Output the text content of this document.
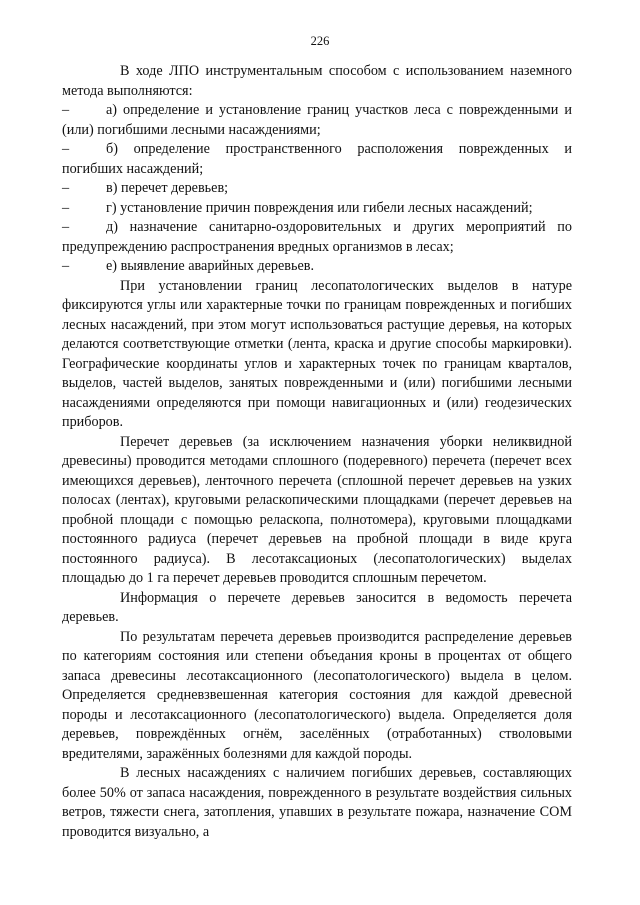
226

В ходе ЛПО инструментальным способом с использованием наземного метода выполняются:

–	а) определение и установление границ участков леса с поврежденными и (или) погибшими лесными насаждениями;
–	б) определение пространственного расположения поврежденных и погибших насаждений;
–	в) перечет деревьев;
–	г) установление причин повреждения или гибели лесных насаждений;
–	д) назначение санитарно-оздоровительных и других мероприятий по предупреждению распространения вредных организмов в лесах;
–	е) выявление аварийных деревьев.

При установлении границ лесопатологических выделов в натуре фиксируются углы или характерные точки по границам поврежденных и погибших лесных насаждений, при этом могут использоваться растущие деревья, на которых делаются соответствующие отметки (лента, краска и другие способы маркировки). Географические координаты углов и характерных точек по границам кварталов, выделов, частей выделов, занятых поврежденными и (или) погибшими лесными насаждениями определяются при помощи навигационных и (или) геодезических приборов.

Перечет деревьев (за исключением назначения уборки неликвидной древесины) проводится методами сплошного (подеревного) перечета (перечет всех имеющихся деревьев), ленточного перечета (сплошной перечет деревьев на узких полосах (лентах), круговыми реласкопическими площадками (перечет деревьев на пробной площади с помощью реласкопа, полнотомера), круговыми площадками постоянного радиуса (перечет деревьев на пробной площади в виде круга постоянного радиуса). В лесотаксационых (лесопатологических) выделах площадью до 1 га перечет деревьев проводится сплошным перечетом.

Информация о перечете деревьев заносится в ведомость перечета деревьев.

По результатам перечета деревьев производится распределение деревьев по категориям состояния или степени объедания кроны в процентах от общего запаса древесины лесотаксационного (лесопатологического) выдела в целом. Определяется средневзвешенная категория состояния для каждой древесной породы и лесотаксационного (лесопатологического) выдела. Определяется доля деревьев, повреждённых огнём, заселённых (отработанных) стволовыми вредителями, заражённых болезнями для каждой породы.

В лесных насаждениях с наличием погибших деревьев, составляющих более 50% от запаса насаждения, поврежденного в результате воздействия сильных ветров, тяжести снега, затопления, упавших в результате пожара, назначение СОМ проводится визуально, а
